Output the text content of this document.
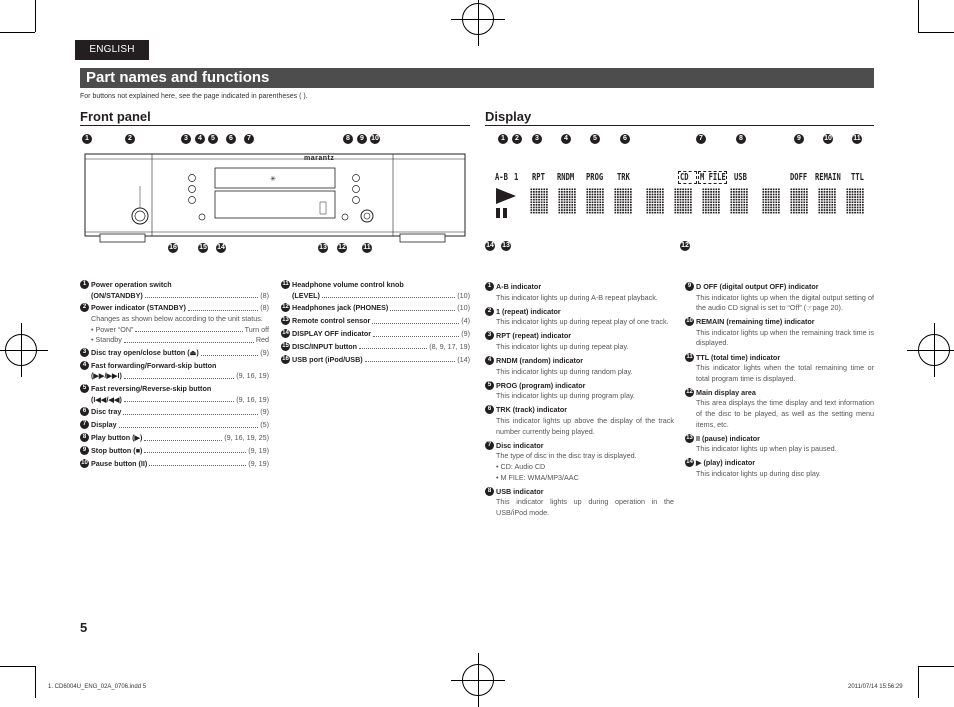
ENGLISH
Part names and functions
For buttons not explained here, see the page indicated in parentheses ( ).
Front panel
1	2	3	4	5	6	7	8	9	10
16	15 14	13 12 11
✳
marantz
1 Power operation switch
(ON/STANDBY)	(8)
2 Power indicator (STANDBY)	(8)
Changes as shown below according to the unit status.
• Power “ON”	Turn off
• Standby	Red
3 Disc tray open/close button (⏏)	(9)
4 Fast forwarding/Forward-skip button
(▶▶/▶▶I)	(9, 16, 19)
5 Fast reversing/Reverse-skip button
(I◀◀/◀◀)	(9, 16, 19)
6 Disc tray	(9)
7 Display	(5)
8 Play button (▶)	(9, 16, 19, 25)
9 Stop button (■)	(9, 19)
10 Pause button (II)	(9, 19)
11 Headphone volume control knob
(LEVEL)	(10)
12 Headphones jack (PHONES)	(10)
13 Remote control sensor	(4)
14 DISPLAY OFF indicator	(9)
15 DISC/INPUT button	(8, 9, 17, 19)
16 USB port (iPod/USB)	(14)
Display
1	2	3	4	5	6	7	8	9	10	11
14 13	12
A-B 1 RPT RNDM PROG TRK	CD M FILE USB	DOFF REMAIN TTL
1 A-B indicator
This indicator lights up during A-B repeat playback.
2 1 (repeat) indicator
This indicator lights up during repeat play of one track.
3 RPT (repeat) indicator
This indicator lights up during repeat play.
4 RNDM (random) indicator
This indicator lights up during random play.
5 PROG (program) indicator
This indicator lights up during program play.
6 TRK (track) indicator
This indicator lights up above the display of the track number currently being played.
7 Disc indicator
The type of disc in the disc tray is displayed.
• CD: Audio CD
• M FILE: WMA/MP3/AAC
8 USB indicator
This indicator lights up during operation in the USB/iPod mode.
9 D OFF (digital output OFF) indicator
This indicator lights up when the digital output setting of the audio CD signal is set to “Off” (☞page 20).
10 REMAIN (remaining time) indicator
This indicator lights up when the remaining track time is displayed.
11 TTL (total time) indicator
This indicator lights when the total remaining time or total program time is displayed.
12 Main display area
This area displays the time display and text information of the disc to be played, as well as the setting menu items, etc.
13 II (pause) indicator
This indicator lights up when play is paused.
14 ▶ (play) indicator
This indicator lights up during disc play.
5
1. CD6004U_ENG_02A_0706.indd 5	2011/07/14 15:56:29
